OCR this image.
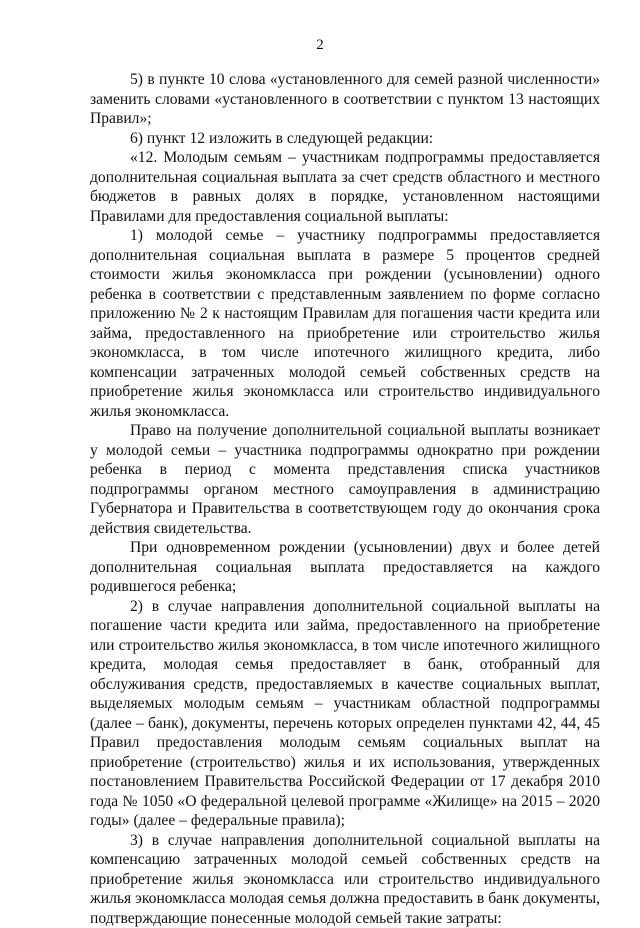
2

5) в пункте 10 слова «установленного для семей разной численности» заменить словами «установленного в соответствии с пунктом 13 настоящих Правил»;

6) пункт 12 изложить в следующей редакции:

«12. Молодым семьям – участникам подпрограммы предоставляется дополнительная социальная выплата за счет средств областного и местного бюджетов в равных долях в порядке, установленном настоящими Правилами для предоставления социальной выплаты:

1) молодой семье – участнику подпрограммы предоставляется дополнительная социальная выплата в размере 5 процентов средней стоимости жилья экономкласса при рождении (усыновлении) одного ребенка в соответствии с представленным заявлением по форме согласно приложению № 2 к настоящим Правилам для погашения части кредита или займа, предоставленного на приобретение или строительство жилья экономкласса, в том числе ипотечного жилищного кредита, либо компенсации затраченных молодой семьей собственных средств на приобретение жилья экономкласса или строительство индивидуального жилья экономкласса.

Право на получение дополнительной социальной выплаты возникает у молодой семьи – участника подпрограммы однократно при рождении ребенка в период с момента представления списка участников подпрограммы органом местного самоуправления в администрацию Губернатора и Правительства в соответствующем году до окончания срока действия свидетельства.

При одновременном рождении (усыновлении) двух и более детей дополнительная социальная выплата предоставляется на каждого родившегося ребенка;

2) в случае направления дополнительной социальной выплаты на погашение части кредита или займа, предоставленного на приобретение или строительство жилья экономкласса, в том числе ипотечного жилищного кредита, молодая семья предоставляет в банк, отобранный для обслуживания средств, предоставляемых в качестве социальных выплат, выделяемых молодым семьям – участникам областной подпрограммы (далее – банк), документы, перечень которых определен пунктами 42, 44, 45 Правил предоставления молодым семьям социальных выплат на приобретение (строительство) жилья и их использования, утвержденных постановлением Правительства Российской Федерации от 17 декабря 2010 года № 1050 «О федеральной целевой программе «Жилище» на 2015 – 2020 годы» (далее – федеральные правила);

3) в случае направления дополнительной социальной выплаты на компенсацию затраченных молодой семьей собственных средств на приобретение жилья экономкласса или строительство индивидуального жилья экономкласса молодая семья должна предоставить в банк документы, подтверждающие понесенные молодой семьей такие затраты:
